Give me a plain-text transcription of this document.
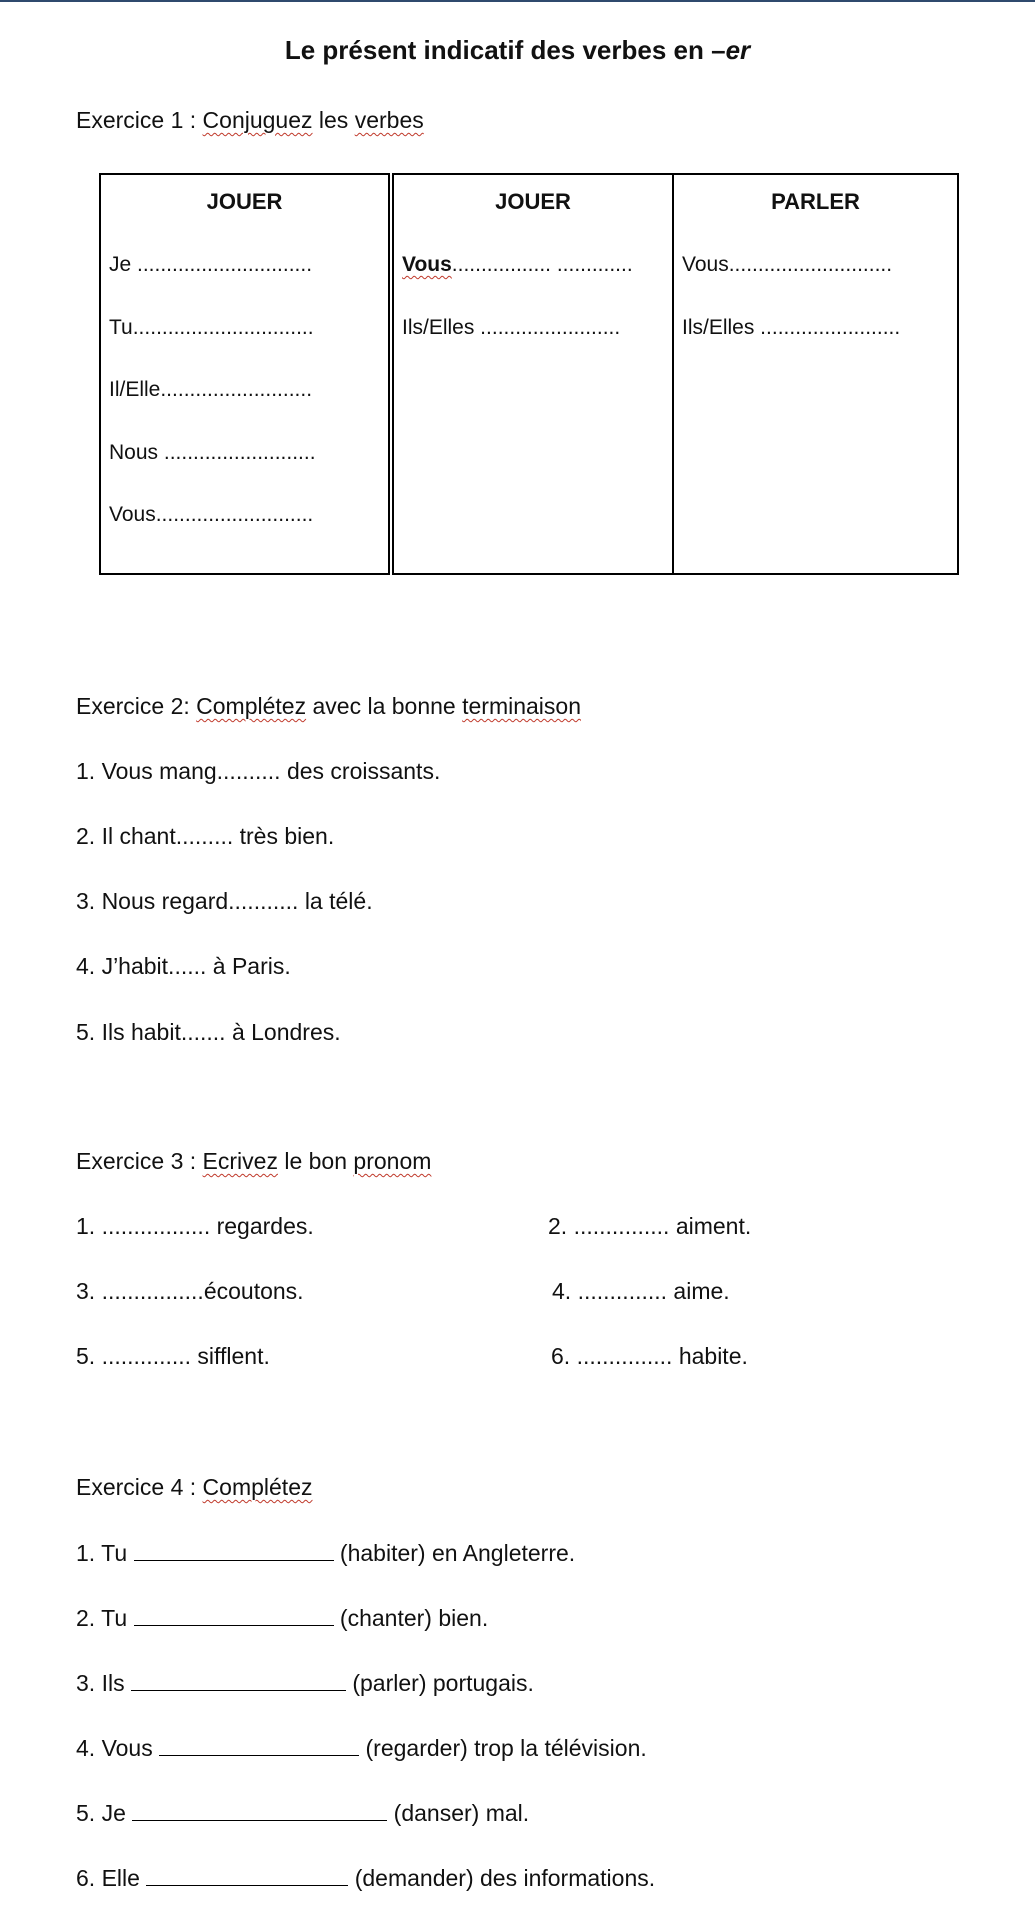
Le présent indicatif des verbes en –er
Exercice 1 : Conjuguez les verbes
JOUER
Je ..............................
Tu...............................
Il/Elle..........................
Nous ..........................
Vous...........................
JOUER
Vous................. .............
Ils/Elles ........................
PARLER
Vous............................
Ils/Elles ........................
Exercice 2: Complétez avec la bonne terminaison
1. Vous mang.......... des croissants.
2. Il chant......... très bien.
3. Nous regard........... la télé.
4. J’habit...... à Paris.
5. Ils habit....... à Londres.
Exercice 3 : Ecrivez le bon pronom
1. ................. regardes.	2. ............... aiment.
3. ................écoutons.	4. .............. aime.
5. .............. sifflent.	6. ............... habite.
Exercice 4 : Complétez
1. Tu	(habiter) en Angleterre.
2. Tu	(chanter) bien.
3. Ils	(parler) portugais.
4. Vous	(regarder) trop la télévision.
5. Je	(danser) mal.
6. Elle	(demander) des informations.
